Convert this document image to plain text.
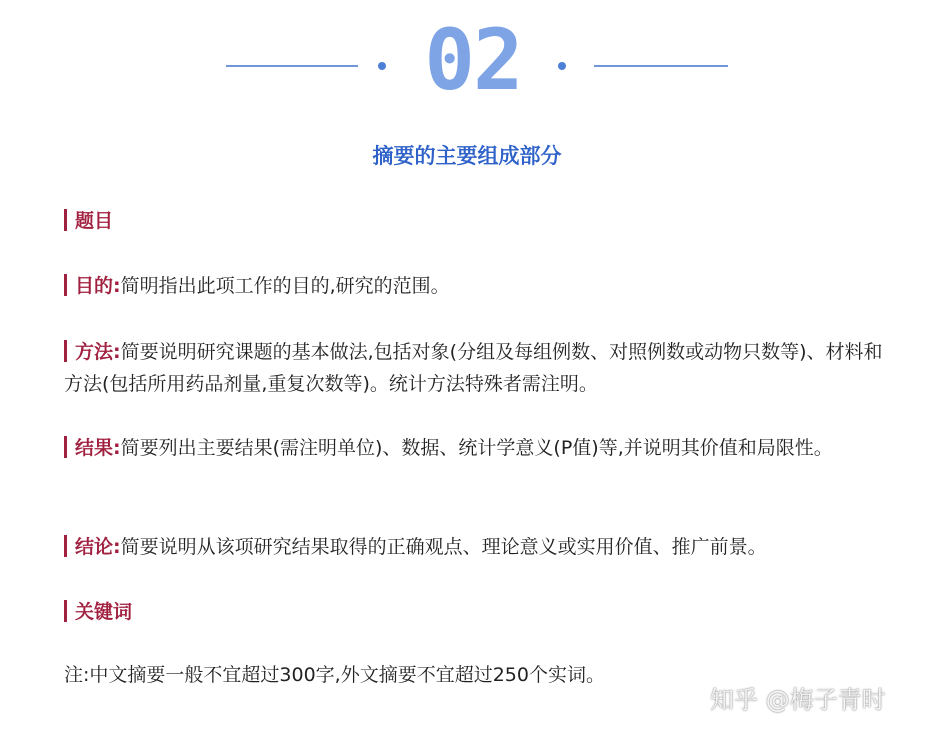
02
摘要的主要组成部分
题目
目的:简明指出此项工作的目的,研究的范围。
方法:简要说明研究课题的基本做法,包括对象(分组及每组例数、对照例数或动物只数等)、材料和方法(包括所用药品剂量,重复次数等)。统计方法特殊者需注明。
结果:简要列出主要结果(需注明单位)、数据、统计学意义(P值)等,并说明其价值和局限性。
结论:简要说明从该项研究结果取得的正确观点、理论意义或实用价值、推广前景。
关键词
注:中文摘要一般不宜超过300字,外文摘要不宜超过250个实词。
知乎 @梅子青时
